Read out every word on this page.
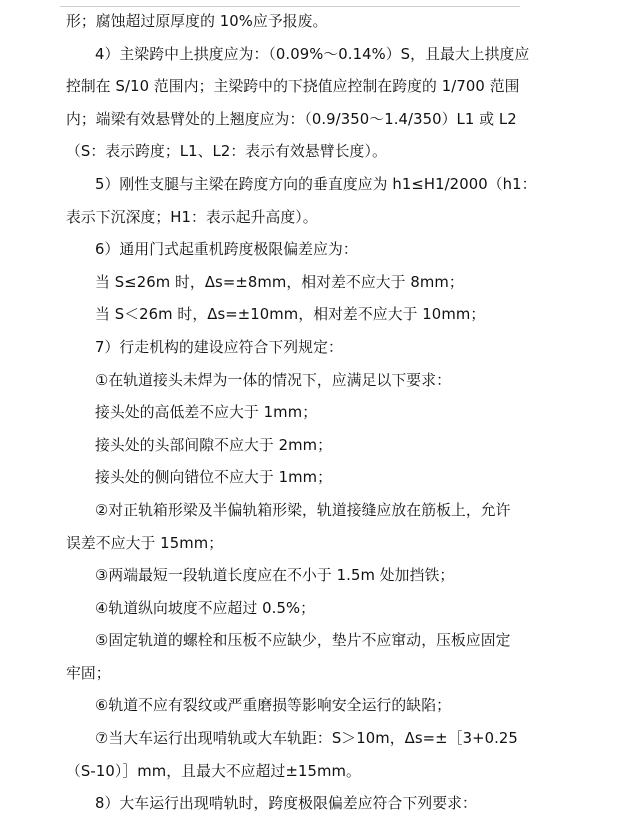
形；腐蚀超过原厚度的 10%应予报废。
4）主梁跨中上拱度应为：（0.09%～0.14%）S，且最大上拱度应
控制在 S/10 范围内；主梁跨中的下挠值应控制在跨度的 1/700 范围
内；端梁有效悬臂处的上翘度应为：（0.9/350～1.4/350）L1 或 L2
（S：表示跨度；L1、L2：表示有效悬臂长度）。
5）刚性支腿与主梁在跨度方向的垂直度应为 h1≤H1/2000（h1：
表示下沉深度；H1：表示起升高度）。
6）通用门式起重机跨度极限偏差应为：
当 S≤26m 时，Δs=±8mm，相对差不应大于 8mm；
当 S＜26m 时，Δs=±10mm，相对差不应大于 10mm；
7）行走机构的建设应符合下列规定：
①在轨道接头未焊为一体的情况下，应满足以下要求：
接头处的高低差不应大于 1mm；
接头处的头部间隙不应大于 2mm；
接头处的侧向错位不应大于 1mm；
②对正轨箱形梁及半偏轨箱形梁，轨道接缝应放在筋板上，允许
误差不应大于 15mm；
③两端最短一段轨道长度应在不小于 1.5m 处加挡铁；
④轨道纵向坡度不应超过 0.5%；
⑤固定轨道的螺栓和压板不应缺少，垫片不应窜动，压板应固定
牢固；
⑥轨道不应有裂纹或严重磨损等影响安全运行的缺陷；
⑦当大车运行出现啃轨或大车轨距：S＞10m，Δs=±［3+0.25
（S-10）］mm，且最大不应超过±15mm。
8）大车运行出现啃轨时，跨度极限偏差应符合下列要求：
